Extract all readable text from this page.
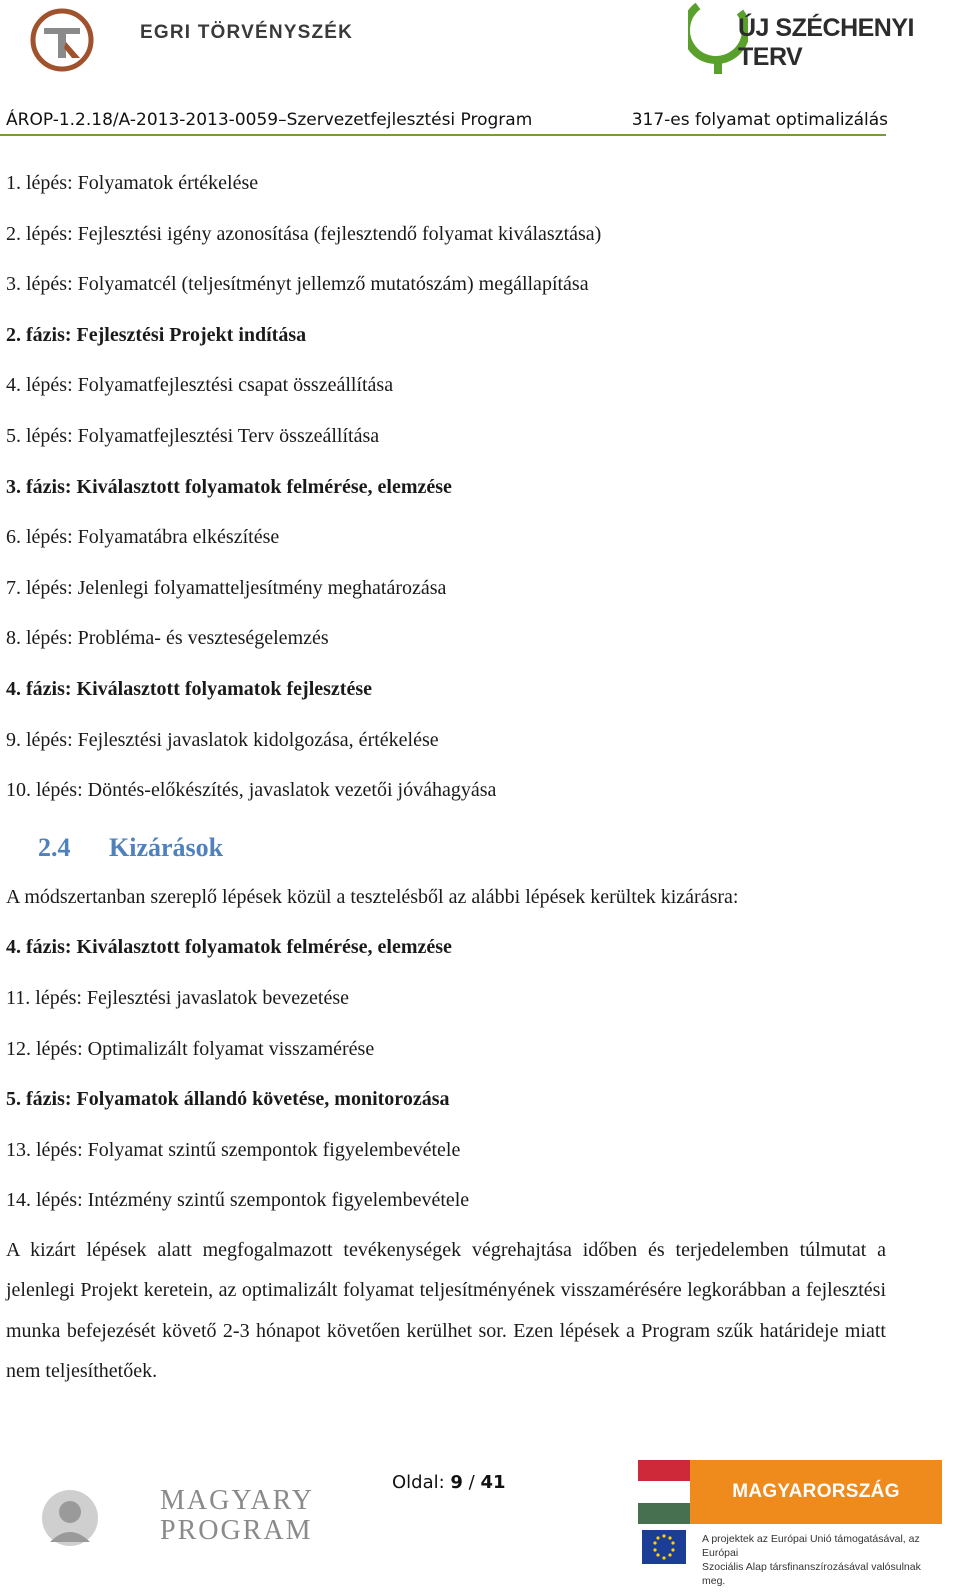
EGRI TÖRVÉNYSZÉK	ÚJ SZÉCHENYI TERV
ÁROP-1.2.18/A-2013-2013-0059–Szervezetfejlesztési Program	317-es folyamat optimalizálás
1. lépés: Folyamatok értékelése
2. lépés: Fejlesztési igény azonosítása (fejlesztendő folyamat kiválasztása)
3. lépés: Folyamatcél (teljesítményt jellemző mutatószám) megállapítása
2. fázis: Fejlesztési Projekt indítása
4. lépés: Folyamatfejlesztési csapat összeállítása
5. lépés: Folyamatfejlesztési Terv összeállítása
3. fázis: Kiválasztott folyamatok felmérése, elemzése
6. lépés: Folyamatábra elkészítése
7. lépés: Jelenlegi folyamatteljesítmény meghatározása
8. lépés: Probléma- és veszteségelemzés
4. fázis: Kiválasztott folyamatok fejlesztése
9. lépés: Fejlesztési javaslatok kidolgozása, értékelése
10. lépés: Döntés-előkészítés, javaslatok vezetői jóváhagyása
2.4 Kizárások
A módszertanban szereplő lépések közül a tesztelésből az alábbi lépések kerültek kizárásra:
4. fázis: Kiválasztott folyamatok felmérése, elemzése
11. lépés: Fejlesztési javaslatok bevezetése
12. lépés: Optimalizált folyamat visszamérése
5. fázis: Folyamatok állandó követése, monitorozása
13. lépés: Folyamat szintű szempontok figyelembevétele
14. lépés: Intézmény szintű szempontok figyelembevétele
A kizárt lépések alatt megfogalmazott tevékenységek végrehajtása időben és terjedelemben túlmutat a jelenlegi Projekt keretein, az optimalizált folyamat teljesítményének visszamérésére legkorábban a fejlesztési munka befejezését követő 2-3 hónapot követően kerülhet sor. Ezen lépések a Program szűk határideje miatt nem teljesíthetőek.
Oldal: 9 / 41
MAGYARY
PROGRAM
MAGYARORSZÁG MEGÚJUL
A projektek az Európai Unió támogatásával, az Európai
Szociális Alap társfinanszírozásával valósulnak meg.
